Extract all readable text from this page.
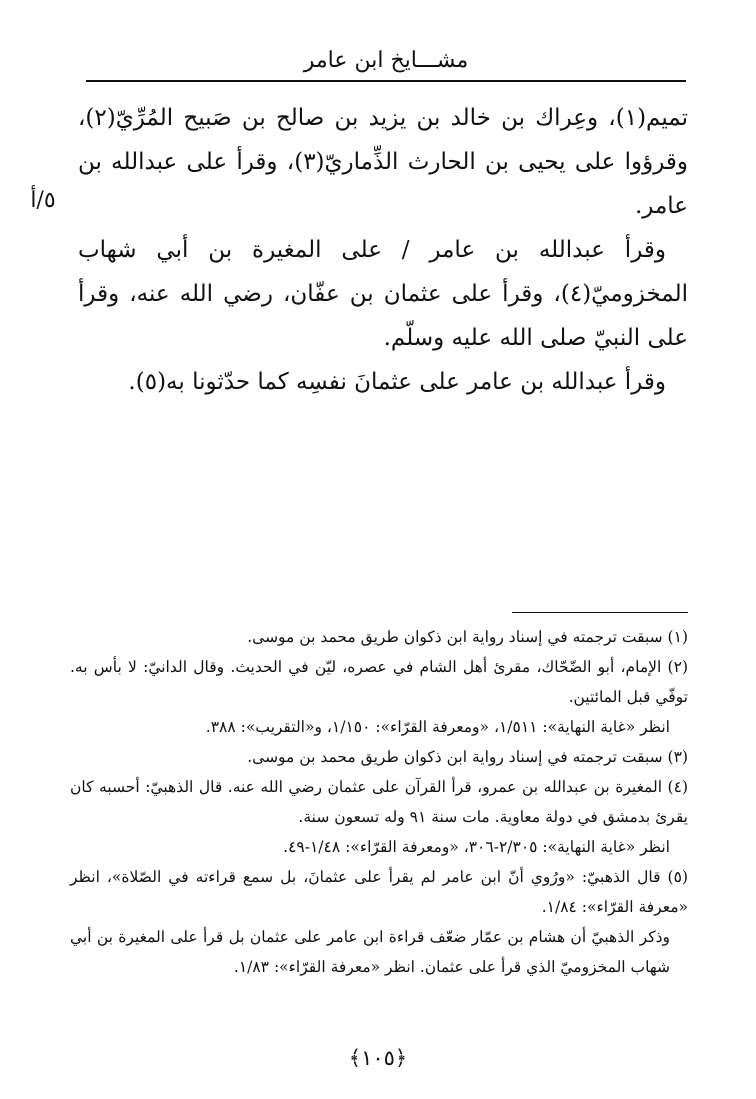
مشـــايخ ابن عامر
٥/أ

تميم(١)، وعِراك بن خالد بن يزيد بن صالح بن صَبيح المُرِّيّ(٢)، وقرؤوا على يحيى بن الحارث الذِّماريّ(٣)، وقرأ على عبدالله بن عامر.

وقرأ عبدالله بن عامر / على المغيرة بن أبي شهاب المخزوميّ(٤)، وقرأ على عثمان بن عفّان، رضي الله عنه، وقرأ على النبيّ صلى الله عليه وسلّم.

وقرأ عبدالله بن عامر على عثمانَ نفسِه كما حدّثونا به(٥).

(١) سبقت ترجمته في إسناد رواية ابن ذكوان طريق محمد بن موسى.

(٢) الإمام، أبو الضّحّاك، مقرئ أهل الشام في عصره، ليّن في الحديث. وقال الدانيّ: لا بأس به. توفّي قبل المائتين.

انظر «غاية النهاية»: ١/٥١١، «ومعرفة القرّاء»: ١/١٥٠، و«التقريب»: ٣٨٨.

(٣) سبقت ترجمته في إسناد رواية ابن ذكوان طريق محمد بن موسى.

(٤) المغيرة بن عبدالله بن عمرو، قرأ القرآن على عثمان رضي الله عنه. قال الذهبيّ: أحسبه كان يقرئ بدمشق في دولة معاوية. مات سنة ٩١ وله تسعون سنة.

انظر «غاية النهاية»: ٢/٣٠٥-٣٠٦، «ومعرفة القرّاء»: ١/٤٨-٤٩.

(٥) قال الذهبيّ: «ورُوي أنّ ابن عامر لم يقرأ على عثمانَ، بل سمع قراءته في الصّلاة»، انظر «معرفة القرّاء»: ١/٨٤.

وذكر الذهبيّ أن هشام بن عمّار ضعّف قراءة ابن عامر على عثمان بل قرأ على المغيرة بن أبي شهاب المخزوميّ الذي قرأ على عثمان. انظر «معرفة القرّاء»: ١/٨٣.

﴿١٠٥﴾
